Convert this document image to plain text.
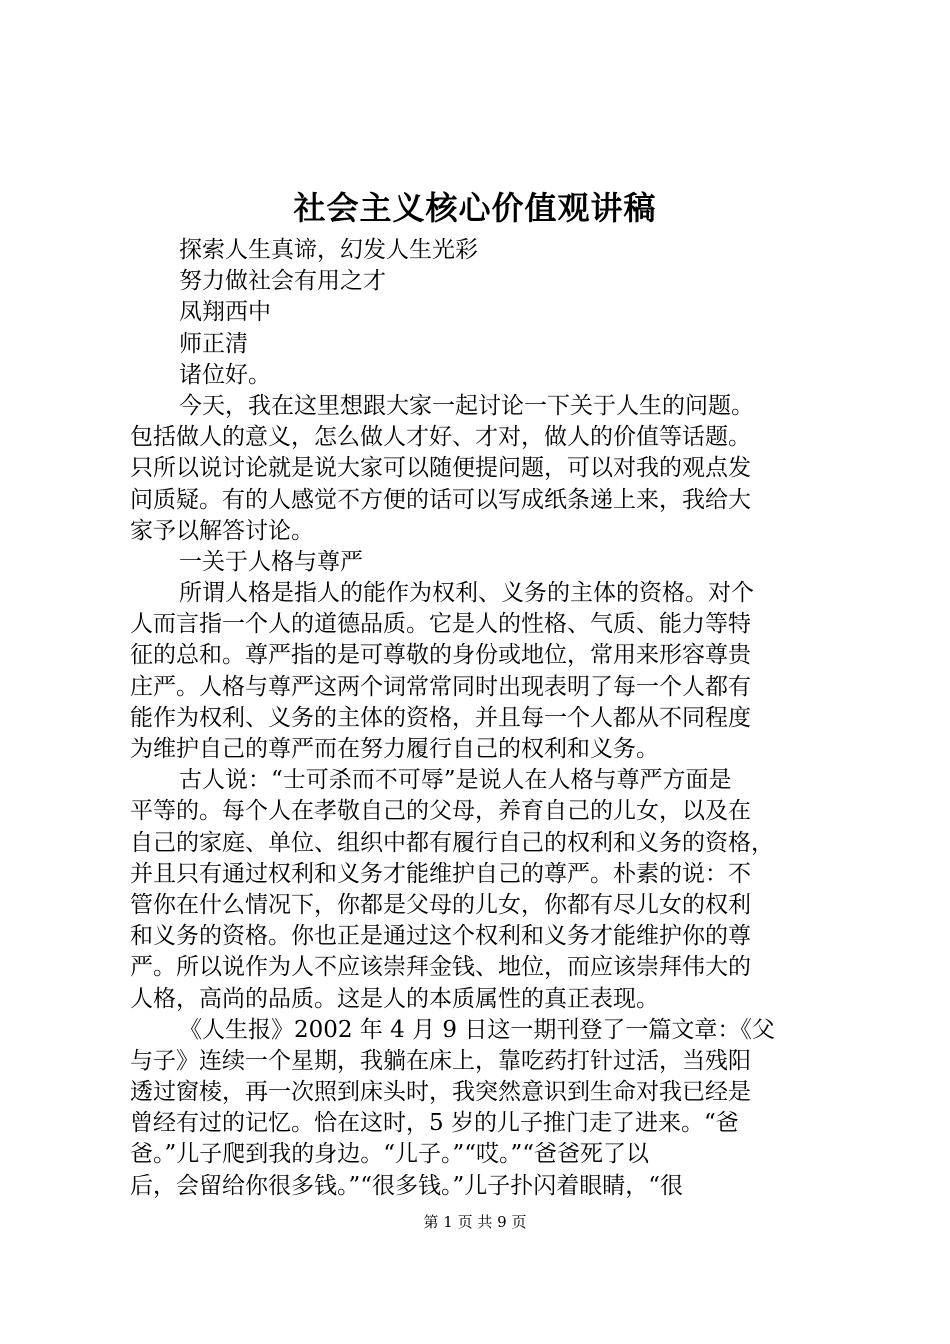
社会主义核心价值观讲稿
探索人生真谛，幻发人生光彩
努力做社会有用之才
凤翔西中
师正清
诸位好。
今天，我在这里想跟大家一起讨论一下关于人生的问题。
包括做人的意义，怎么做人才好、才对，做人的价值等话题。
只所以说讨论就是说大家可以随便提问题，可以对我的观点发
问质疑。有的人感觉不方便的话可以写成纸条递上来，我给大
家予以解答讨论。
一关于人格与尊严
所谓人格是指人的能作为权利、义务的主体的资格。对个
人而言指一个人的道德品质。它是人的性格、气质、能力等特
征的总和。尊严指的是可尊敬的身份或地位，常用来形容尊贵
庄严。人格与尊严这两个词常常同时出现表明了每一个人都有
能作为权利、义务的主体的资格，并且每一个人都从不同程度
为维护自己的尊严而在努力履行自己的权利和义务。
古人说：“士可杀而不可辱”是说人在人格与尊严方面是
平等的。每个人在孝敬自己的父母，养育自己的儿女，以及在
自己的家庭、单位、组织中都有履行自己的权利和义务的资格，
并且只有通过权利和义务才能维护自己的尊严。朴素的说：不
管你在什么情况下，你都是父母的儿女，你都有尽儿女的权利
和义务的资格。你也正是通过这个权利和义务才能维护你的尊
严。所以说作为人不应该崇拜金钱、地位，而应该崇拜伟大的
人格，高尚的品质。这是人的本质属性的真正表现。
《人生报》2002 年 4 月 9 日这一期刊登了一篇文章：《父
与子》连续一个星期，我躺在床上，靠吃药打针过活，当残阳
透过窗棱，再一次照到床头时，我突然意识到生命对我已经是
曾经有过的记忆。恰在这时，5 岁的儿子推门走了进来。“爸
爸。”儿子爬到我的身边。“儿子。”“哎。”“爸爸死了以
后，会留给你很多钱。”“很多钱。”儿子扑闪着眼睛，“很
第 1 页 共 9 页
